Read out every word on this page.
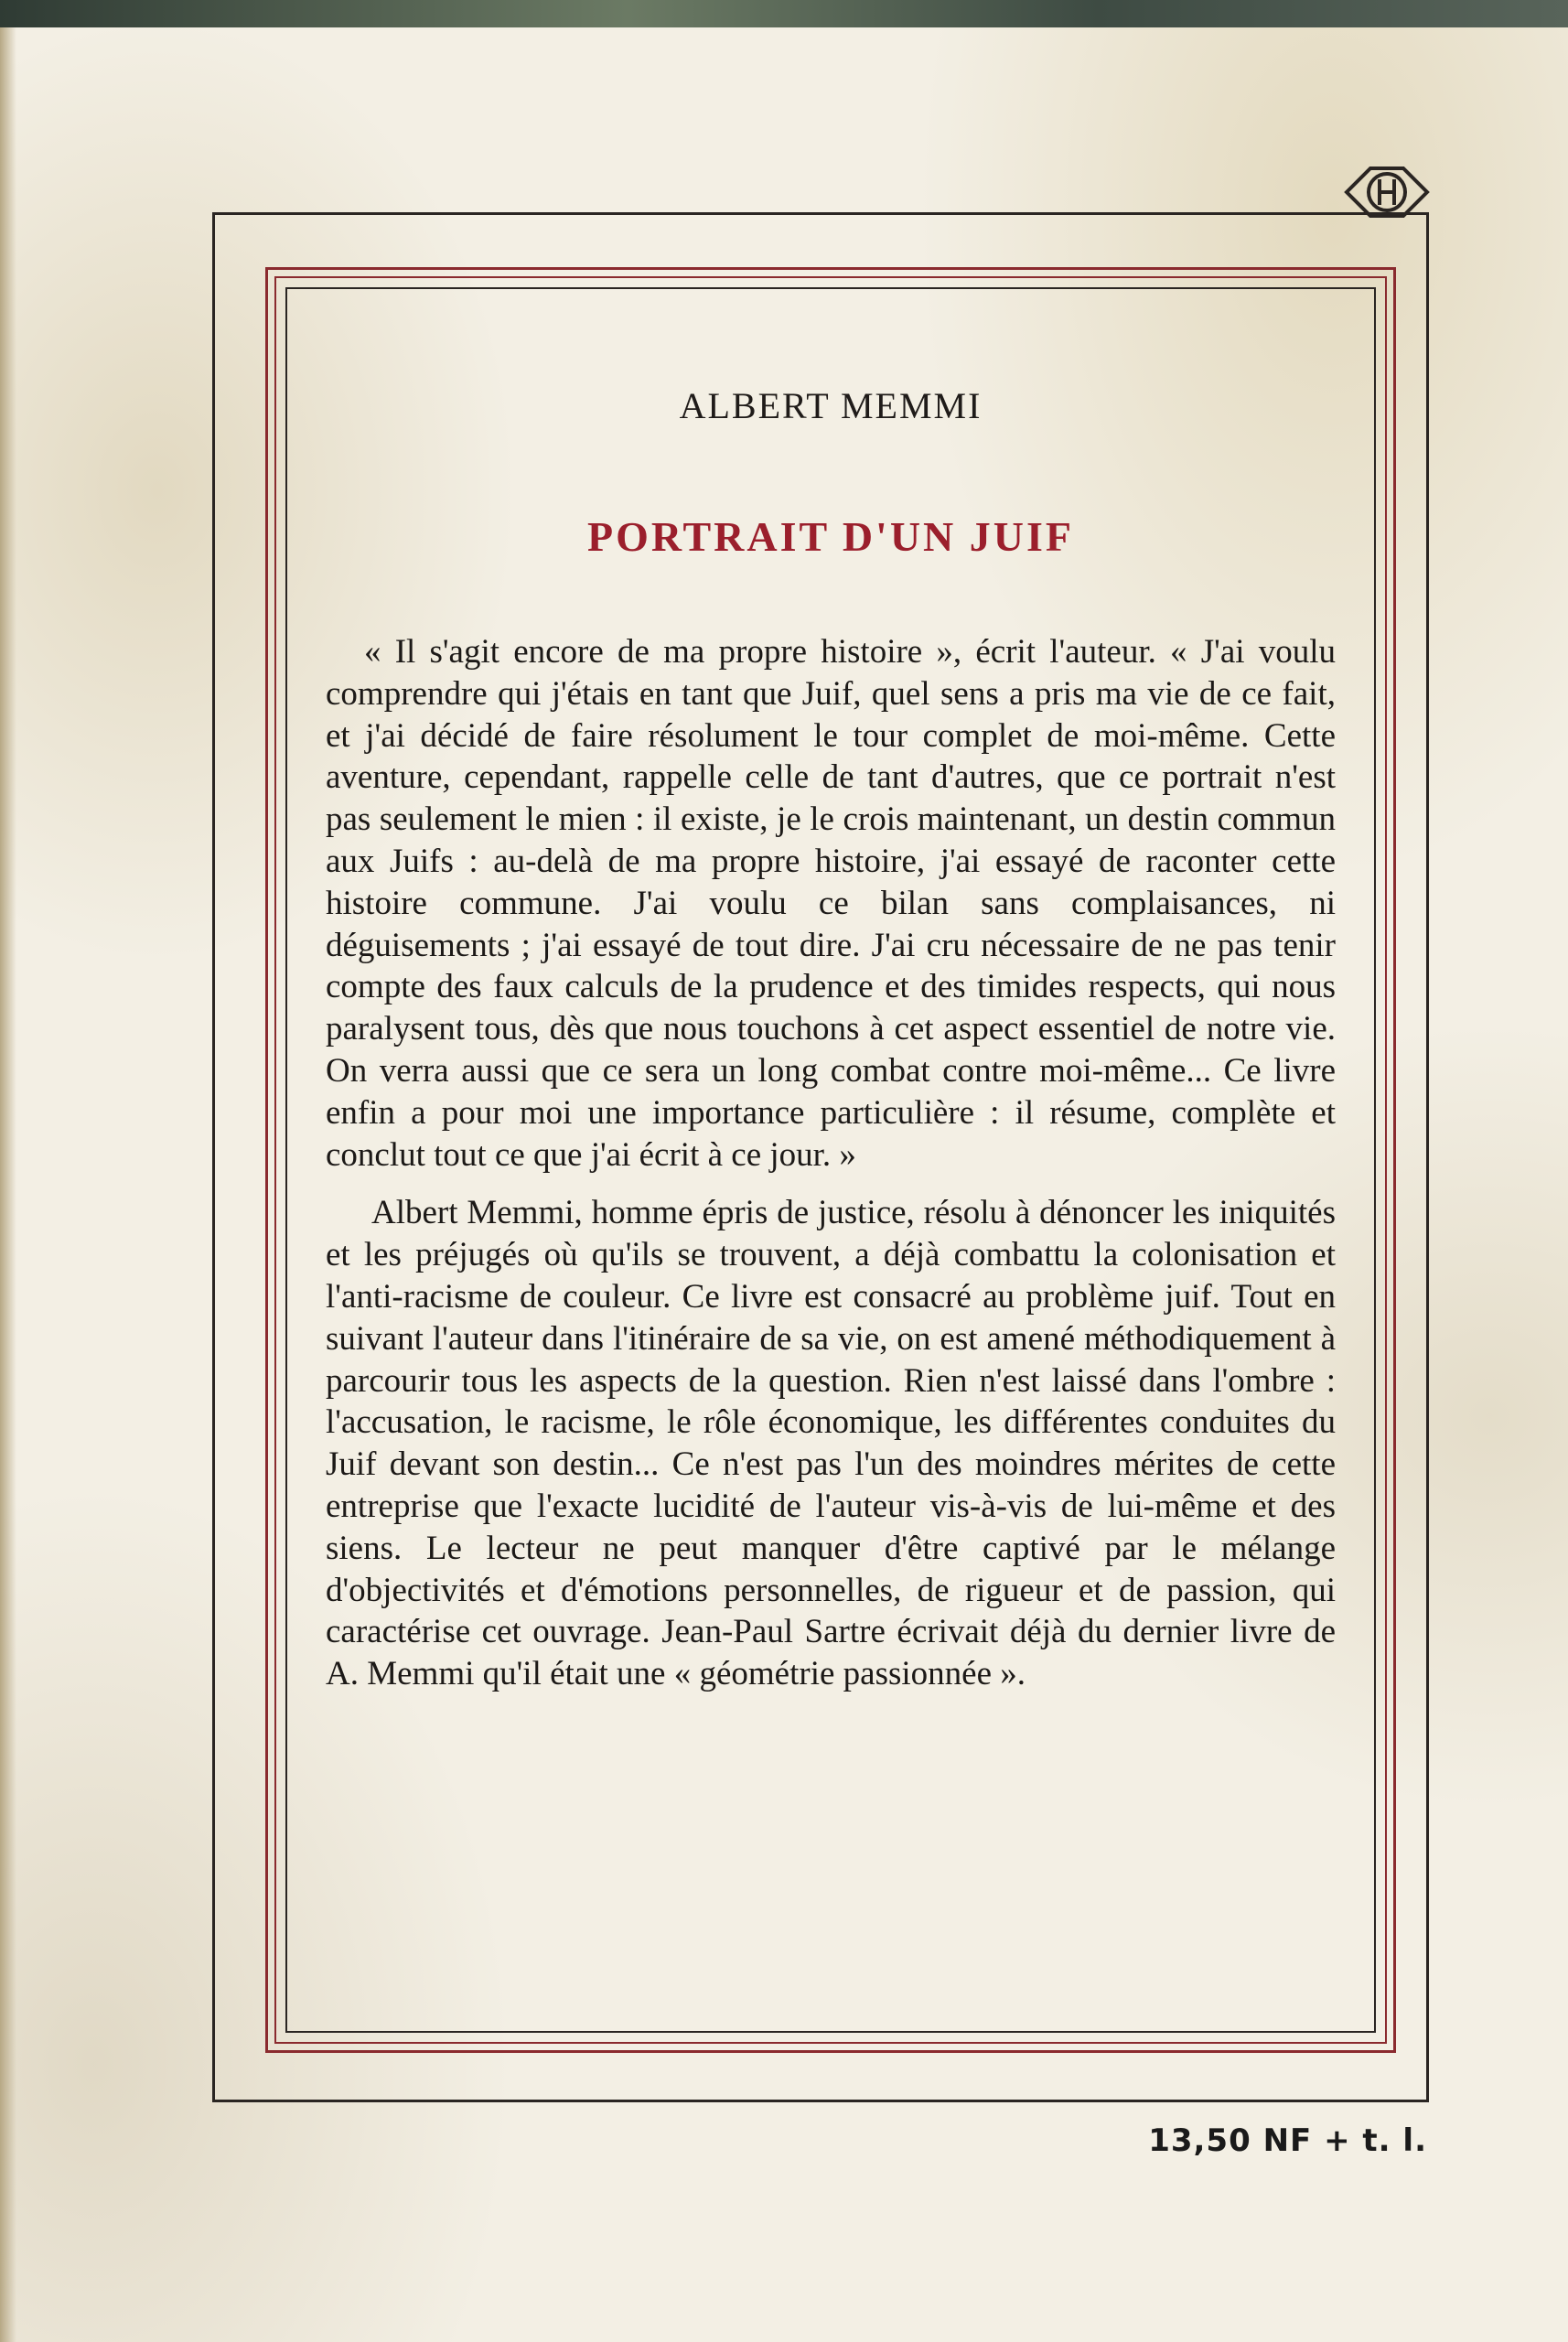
ALBERT MEMMI
PORTRAIT D'UN JUIF

« Il s'agit encore de ma propre histoire », écrit l'auteur. « J'ai voulu comprendre qui j'étais en tant que Juif, quel sens a pris ma vie de ce fait, et j'ai décidé de faire résolument le tour complet de moi-même. Cette aventure, cependant, rappelle celle de tant d'autres, que ce portrait n'est pas seulement le mien : il existe, je le crois maintenant, un destin commun aux Juifs : au-delà de ma propre histoire, j'ai essayé de raconter cette histoire commune. J'ai voulu ce bilan sans complaisances, ni déguisements ; j'ai essayé de tout dire. J'ai cru nécessaire de ne pas tenir compte des faux calculs de la prudence et des timides respects, qui nous paralysent tous, dès que nous touchons à cet aspect essentiel de notre vie. On verra aussi que ce sera un long combat contre moi-même... Ce livre enfin a pour moi une importance particulière : il résume, complète et conclut tout ce que j'ai écrit à ce jour. »

Albert Memmi, homme épris de justice, résolu à dénoncer les iniquités et les préjugés où qu'ils se trouvent, a déjà combattu la colonisation et l'anti-racisme de couleur. Ce livre est consacré au problème juif. Tout en suivant l'auteur dans l'itinéraire de sa vie, on est amené méthodiquement à parcourir tous les aspects de la question. Rien n'est laissé dans l'ombre : l'accusation, le racisme, le rôle économique, les différentes conduites du Juif devant son destin... Ce n'est pas l'un des moindres mérites de cette entreprise que l'exacte lucidité de l'auteur vis-à-vis de lui-même et des siens. Le lecteur ne peut manquer d'être captivé par le mélange d'objectivités et d'émotions personnelles, de rigueur et de passion, qui caractérise cet ouvrage. Jean-Paul Sartre écrivait déjà du dernier livre de A. Memmi qu'il était une « géométrie passionnée ».

13,50 NF + t. l.
